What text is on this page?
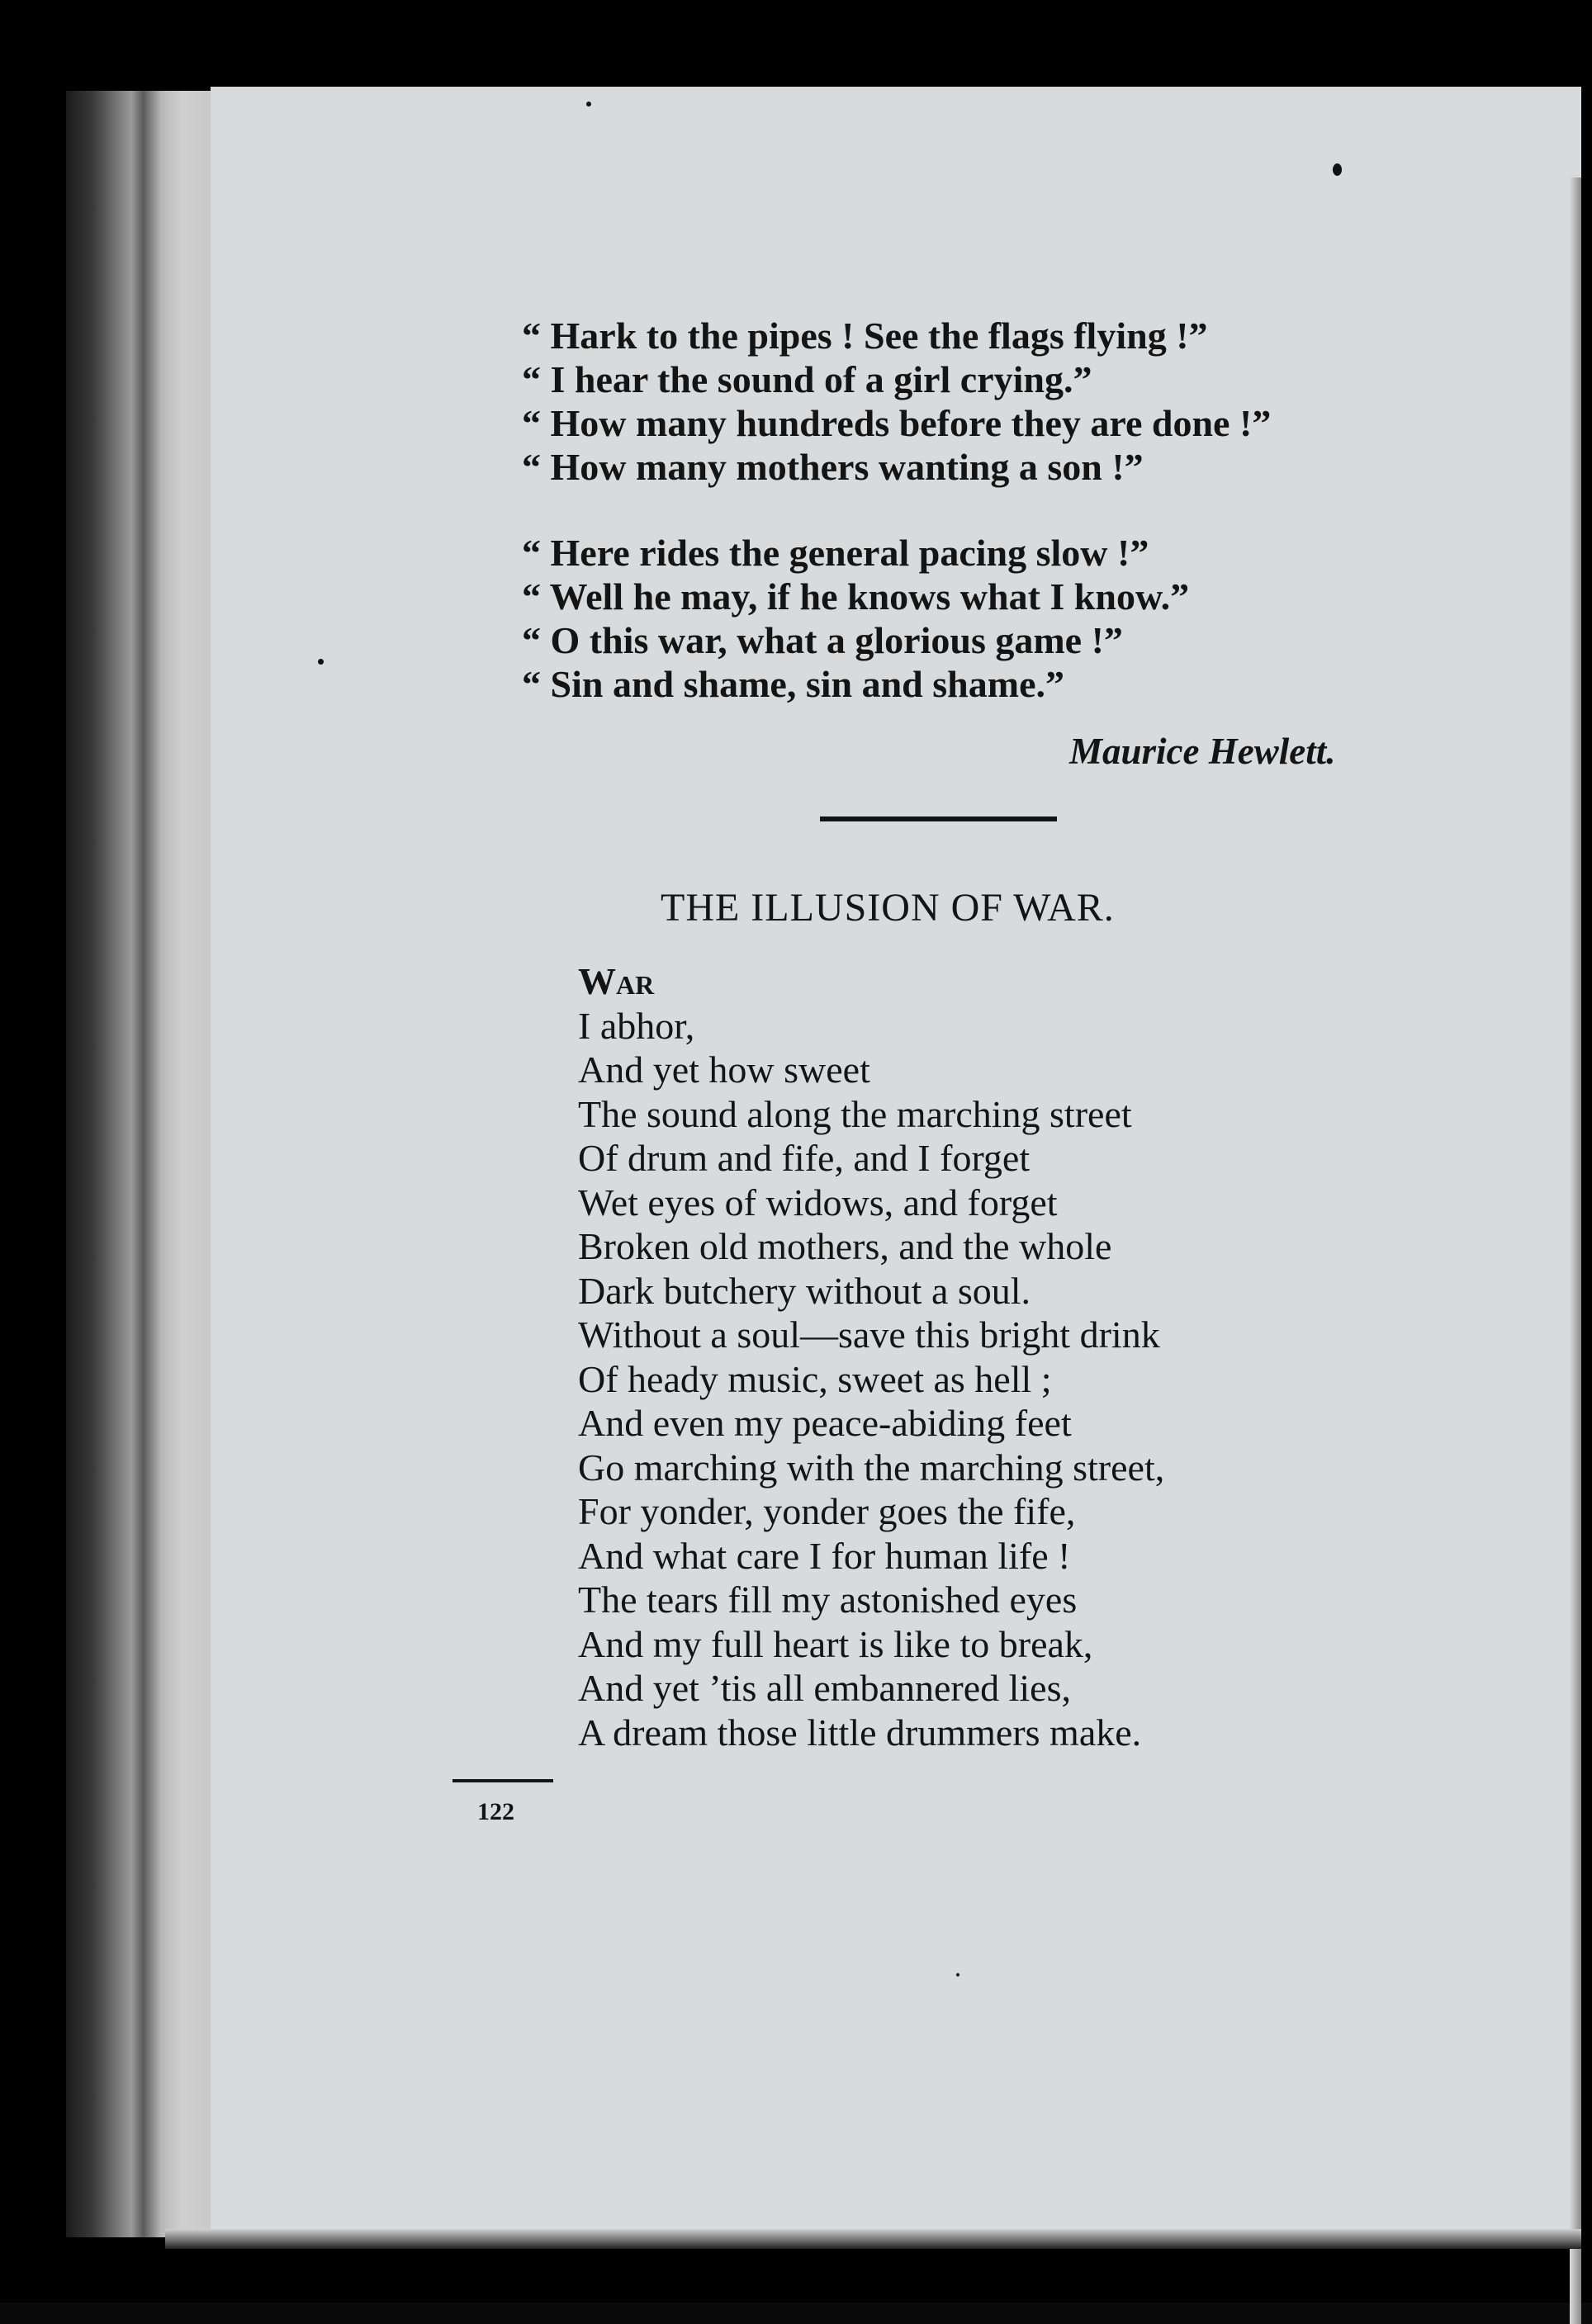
“ Hark to the pipes ! See the flags flying !”
“ I hear the sound of a girl crying.”
“ How many hundreds before they are done !”
“ How many mothers wanting a son !”
“ Here rides the general pacing slow !”
“ Well he may, if he knows what I know.”
“ O this war, what a glorious game !”
“ Sin and shame, sin and shame.”
Maurice Hewlett.
THE ILLUSION OF WAR.
War
I abhor,
And yet how sweet
The sound along the marching street
Of drum and fife, and I forget
Wet eyes of widows, and forget
Broken old mothers, and the whole
Dark butchery without a soul.
Without a soul—save this bright drink
Of heady music, sweet as hell ;
And even my peace-abiding feet
Go marching with the marching street,
For yonder, yonder goes the fife,
And what care I for human life !
The tears fill my astonished eyes
And my full heart is like to break,
And yet ’tis all embannered lies,
A dream those little drummers make.
122
